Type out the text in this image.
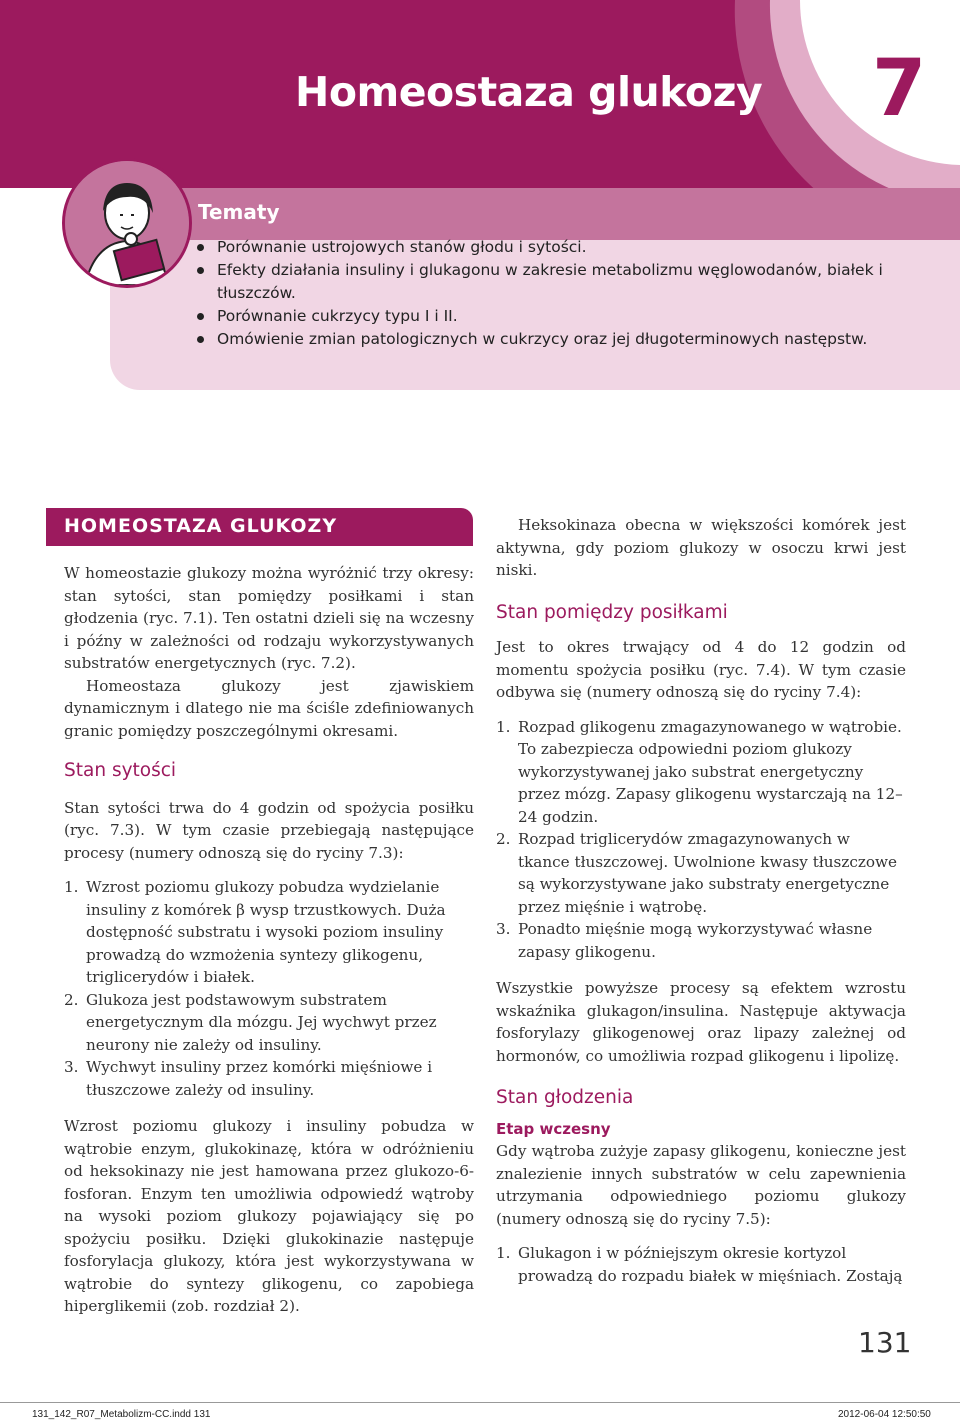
Homeostaza glukozy 7
Tematy
Porównanie ustrojowych stanów głodu i sytości.
Efekty działania insuliny i glukagonu w zakresie metabolizmu węglowodanów, białek i tłuszczów.
Porównanie cukrzycy typu I i II.
Omówienie zmian patologicznych w cukrzycy oraz jej długoterminowych następstw.
HOMEOSTAZA GLUKOZY

W homeostazie glukozy można wyróżnić trzy okresy: stan sytości, stan pomiędzy posiłkami i stan głodzenia (ryc. 7.1). Ten ostatni dzieli się na wczesny i późny w zależności od rodzaju wykorzystywanych substratów energetycznych (ryc. 7.2).

Homeostaza glukozy jest zjawiskiem dynamicznym i dlatego nie ma ściśle zdefiniowanych granic pomiędzy poszczególnymi okresami.

Stan sytości

Stan sytości trwa do 4 godzin od spożycia posiłku (ryc. 7.3). W tym czasie przebiegają następujące procesy (numery odnoszą się do ryciny 7.3):

1. Wzrost poziomu glukozy pobudza wydzielanie insuliny z komórek β wysp trzustkowych. Duża dostępność substratu i wysoki poziom insuliny prowadzą do wzmożenia syntezy glikogenu, triglicerydów i białek.
2. Glukoza jest podstawowym substratem energetycznym dla mózgu. Jej wychwyt przez neurony nie zależy od insuliny.
3. Wychwyt insuliny przez komórki mięśniowe i tłuszczowe zależy od insuliny.

Wzrost poziomu glukozy i insuliny pobudza w wątrobie enzym, glukokinazę, która w odróżnieniu od heksokinazy nie jest hamowana przez glukozo-6-fosforan. Enzym ten umożliwia odpowiedź wątroby na wysoki poziom glukozy pojawiający się po spożyciu posiłku. Dzięki glukokinazie następuje fosforylacja glukozy, która jest wykorzystywana w wątrobie do syntezy glikogenu, co zapobiega hiperglikemii (zob. rozdział 2).

Heksokinaza obecna w większości komórek jest aktywna, gdy poziom glukozy w osoczu krwi jest niski.

Stan pomiędzy posiłkami

Jest to okres trwający od 4 do 12 godzin od momentu spożycia posiłku (ryc. 7.4). W tym czasie odbywa się (numery odnoszą się do ryciny 7.4):

1. Rozpad glikogenu zmagazynowanego w wątrobie. To zabezpiecza odpowiedni poziom glukozy wykorzystywanej jako substrat energetyczny przez mózg. Zapasy glikogenu wystarczają na 12–24 godzin.
2. Rozpad triglicerydów zmagazynowanych w tkance tłuszczowej. Uwolnione kwasy tłuszczowe są wykorzystywane jako substraty energetyczne przez mięśnie i wątrobę.
3. Ponadto mięśnie mogą wykorzystywać własne zapasy glikogenu.

Wszystkie powyższe procesy są efektem wzrostu wskaźnika glukagon/insulina. Następuje aktywacja fosforylazy glikogenowej oraz lipazy zależnej od hormonów, co umożliwia rozpad glikogenu i lipolizę.

Stan głodzenia
Etap wczesny

Gdy wątroba zużyje zapasy glikogenu, konieczne jest znalezienie innych substratów w celu zapewnienia utrzymania odpowiedniego poziomu glukozy (numery odnoszą się do ryciny 7.5):

1. Glukagon i w późniejszym okresie kortyzol prowadzą do rozpadu białek w mięśniach. Zostają
131
131_142_R07_Metabolizm-CC.indd 131	2012-06-04 12:50:50
